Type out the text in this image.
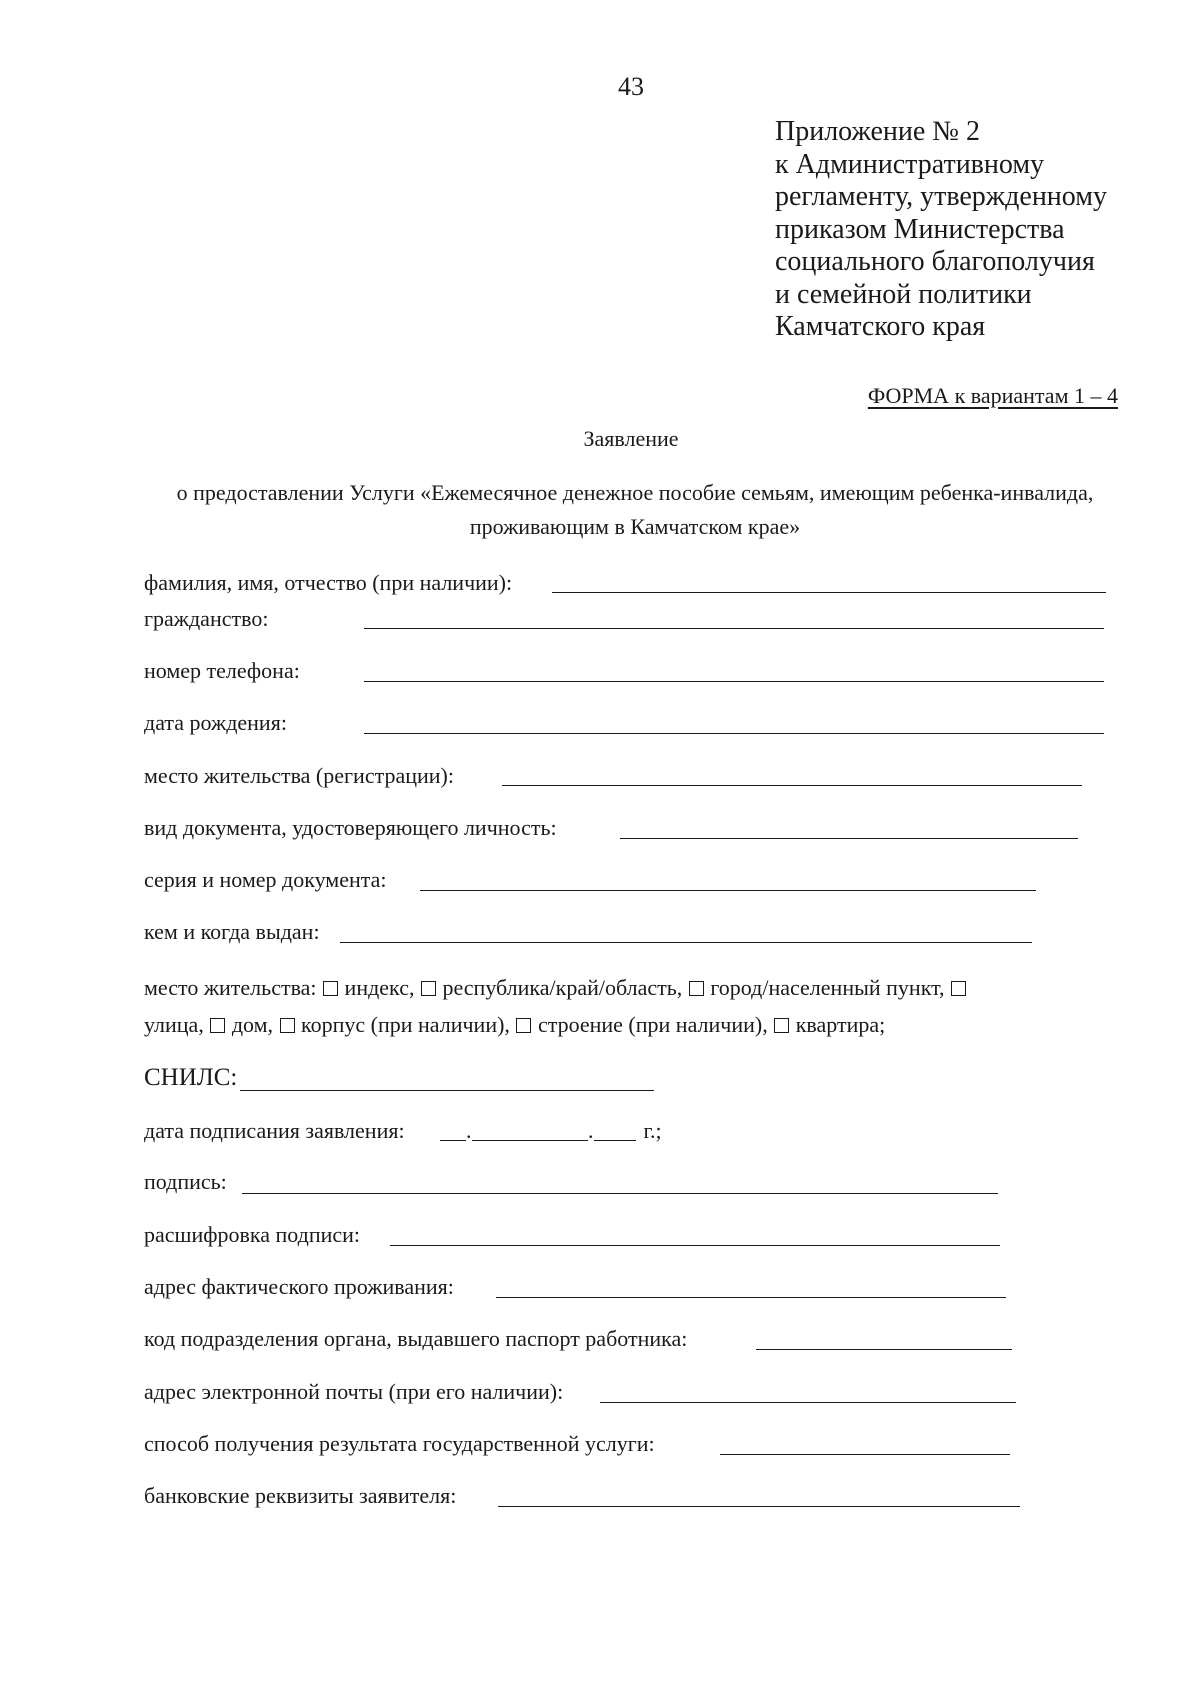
43
Приложение № 2
к Административному
регламенту, утвержденному
приказом Министерства
социального благополучия
и семейной политики
Камчатского края
ФОРМА к вариантам 1 – 4
Заявление
о предоставлении Услуги «Ежемесячное денежное пособие семьям, имеющим ребенка-инвалида, проживающим в Камчатском крае»
фамилия, имя, отчество (при наличии):
гражданство:
номер телефона:
дата рождения:
место жительства (регистрации):
вид документа, удостоверяющего личность:
серия и номер документа:
кем и когда выдан:
место жительства: индекс, республика/край/область, город/населенный пункт,
улица, дом, корпус (при наличии), строение (при наличии), квартира;
СНИЛС:
дата подписания заявления:	.	. г.;
подпись:
расшифровка подписи:
адрес фактического проживания:
код подразделения органа, выдавшего паспорт работника:
адрес электронной почты (при его наличии):
способ получения результата государственной услуги:
банковские реквизиты заявителя:
